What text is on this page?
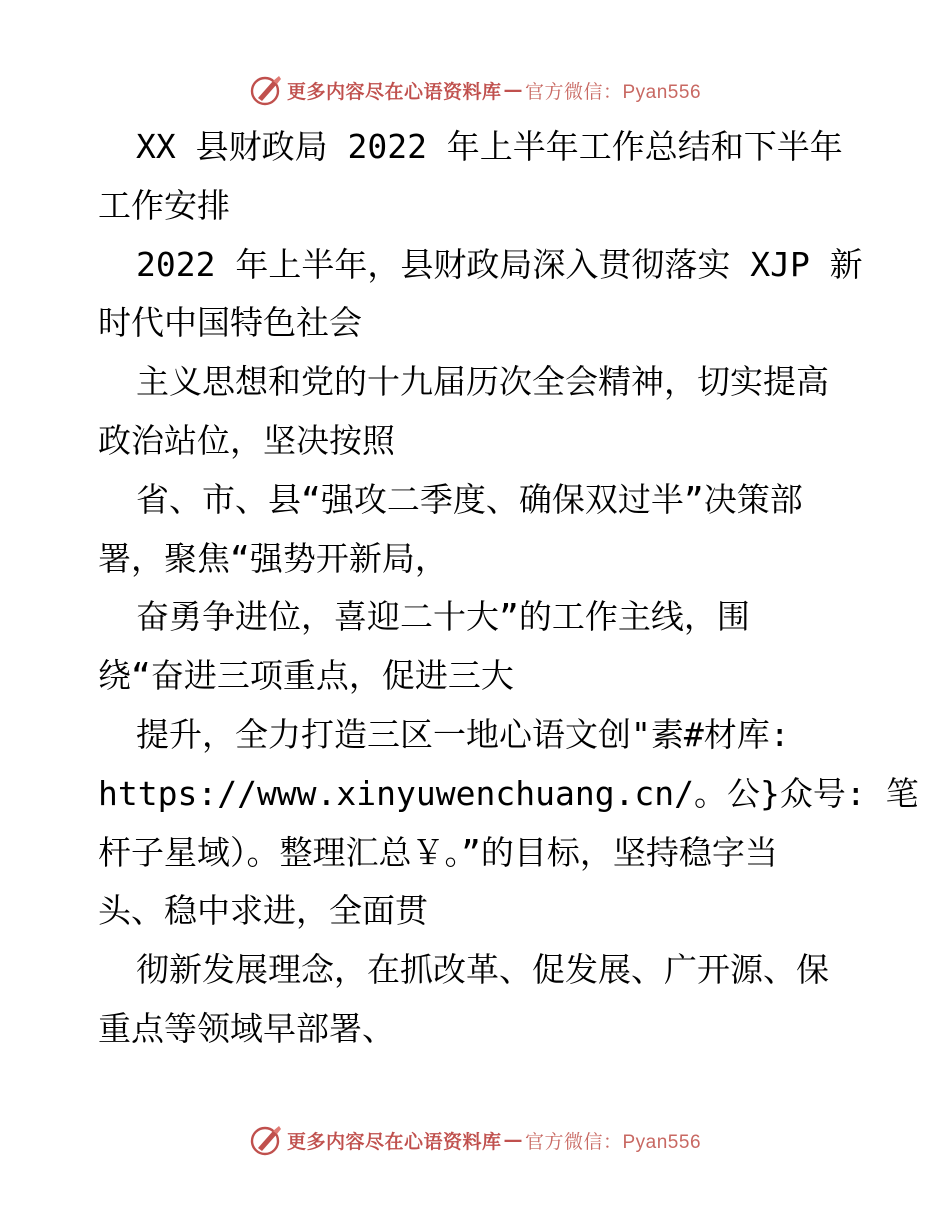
更多内容尽在心语资料库 — 官方微信：Pyan556
XX 县财政局 2022 年上半年工作总结和下半年
工作安排
2022 年上半年，县财政局深入贯彻落实 XJP 新
时代中国特色社会
主义思想和党的十九届历次全会精神，切实提高
政治站位，坚决按照
省、市、县“强攻二季度、确保双过半”决策部
署，聚焦“强势开新局，
奋勇争进位，喜迎二十大”的工作主线，围
绕“奋进三项重点，促进三大
提升，全力打造三区一地心语文创"素#材库:
https://www.xinyuwenchuang.cn/。公}众号: 笔
杆子星域）。整理汇总￥。”的目标，坚持稳字当
头、稳中求进，全面贯
彻新发展理念，在抓改革、促发展、广开源、保
重点等领域早部署、
更多内容尽在心语资料库 — 官方微信：Pyan556
